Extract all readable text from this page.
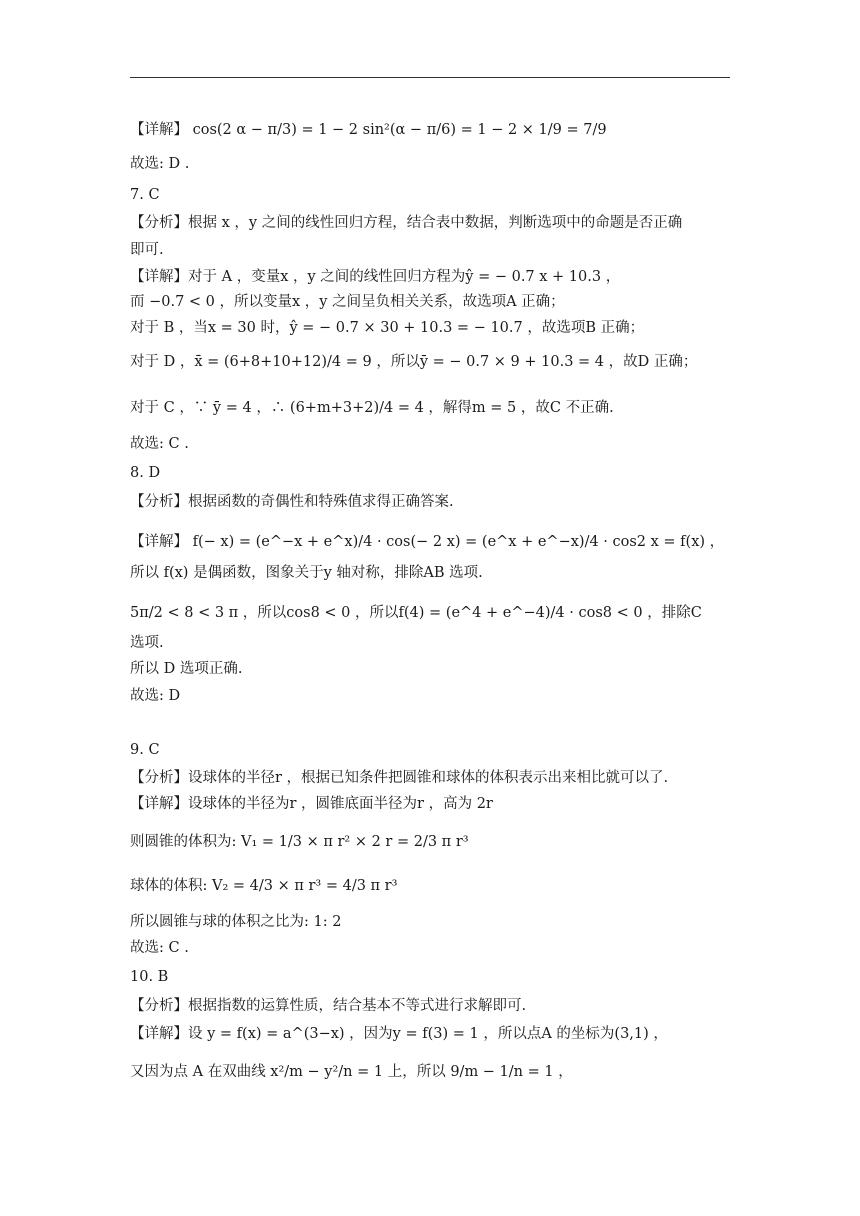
【详解】 cos(2 α − π/3) = 1 − 2 sin²(α − π/6) = 1 − 2 × 1/9 = 7/9
故选: D .
7. C
【分析】根据 x ，y 之间的线性回归方程，结合表中数据，判断选项中的命题是否正确
即可.
【详解】对于 A ，变量x ，y 之间的线性回归方程为ŷ = − 0.7 x + 10.3 ，
而 −0.7 < 0 ，所以变量x ，y 之间呈负相关关系，故选项A 正确；
对于 B ，当x = 30 时，ŷ = − 0.7 × 30 + 10.3 = − 10.7 ，故选项B 正确；
对于 D ，x̄ = (6+8+10+12)/4 = 9 ，所以ȳ = − 0.7 × 9 + 10.3 = 4 ，故D 正确；
对于 C ，∵ ȳ = 4 ，∴ (6+m+3+2)/4 = 4 ，解得m = 5 ，故C 不正确.
故选: C .
8. D
【分析】根据函数的奇偶性和特殊值求得正确答案.
【详解】 f(− x) = (e^−x + e^x)/4 · cos(− 2 x) = (e^x + e^−x)/4 · cos2 x = f(x) ，
所以 f(x) 是偶函数，图象关于y 轴对称，排除AB 选项.
5π/2 < 8 < 3 π ，所以cos8 < 0 ，所以f(4) = (e^4 + e^−4)/4 · cos8 < 0 ，排除C
选项.
所以 D 选项正确.
故选: D
9. C
【分析】设球体的半径r ，根据已知条件把圆锥和球体的体积表示出来相比就可以了.
【详解】设球体的半径为r ，圆锥底面半径为r ，高为 2r
则圆锥的体积为: V₁ = 1/3 × π r² × 2 r = 2/3 π r³
球体的体积: V₂ = 4/3 × π r³ = 4/3 π r³
所以圆锥与球的体积之比为: 1: 2
故选: C .
10. B
【分析】根据指数的运算性质，结合基本不等式进行求解即可.
【详解】设 y = f(x) = a^(3−x) ，因为y = f(3) = 1 ，所以点A 的坐标为(3,1) ，
又因为点 A 在双曲线 x²/m − y²/n = 1 上，所以 9/m − 1/n = 1 ，
